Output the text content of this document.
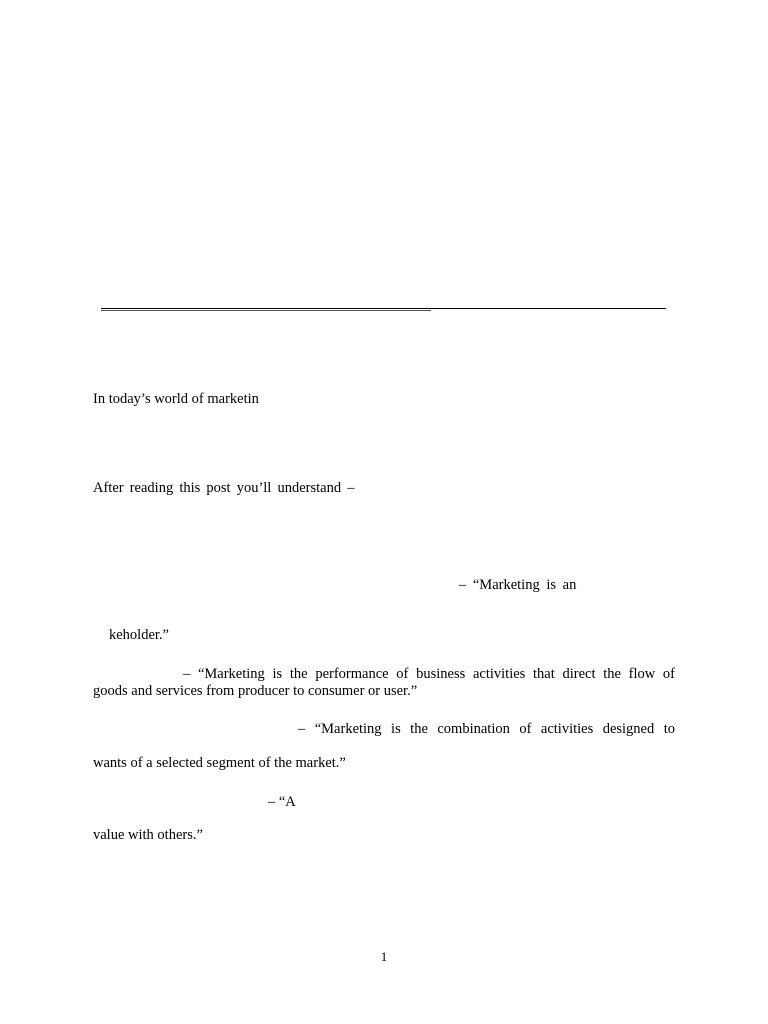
In today’s world of marketin
After reading this post you’ll understand –
– “Marketing is an
keholder.”
– “Marketing is the performance of business activities that direct the flow of
goods and services from producer to consumer or user.”
– “Marketing is the combination of activities designed to
wants of a selected segment of the market.”
– “A
value with others.”
1
